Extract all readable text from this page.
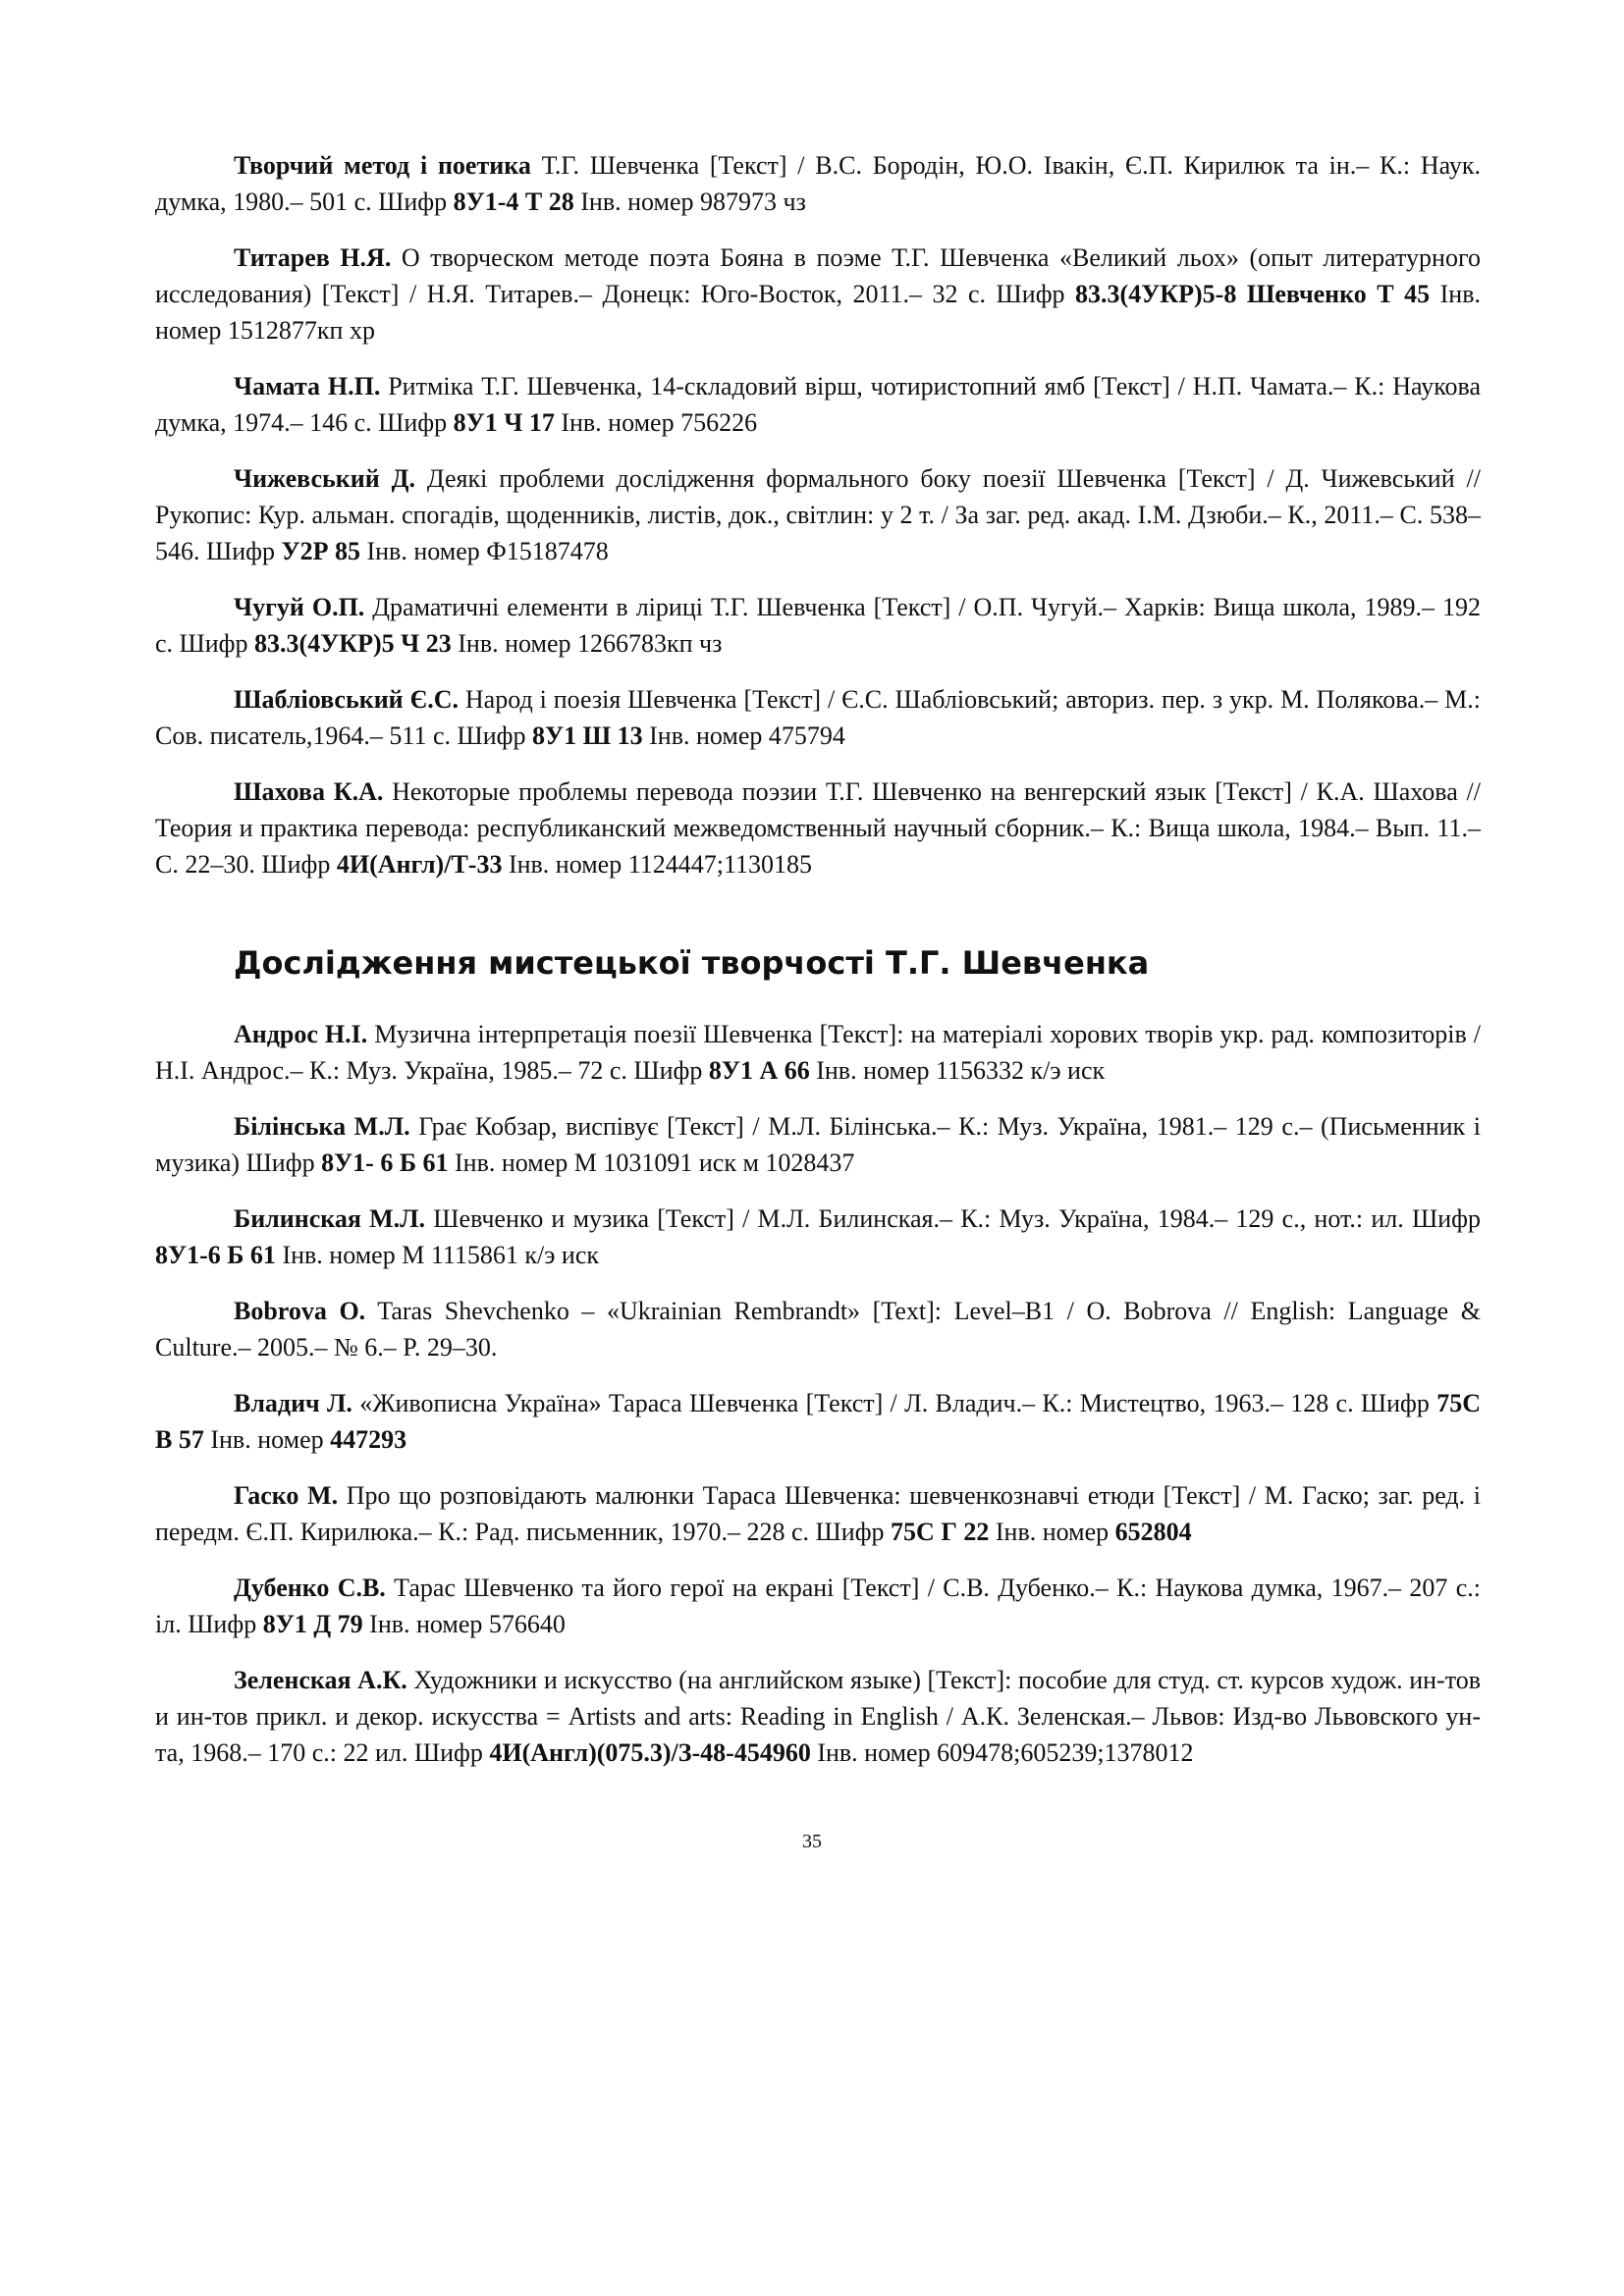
Творчий метод і поетика Т.Г. Шевченка [Текст] / В.С. Бородін, Ю.О. Івакін, Є.П. Кирилюк та ін.– К.: Наук. думка, 1980.– 501 с. Шифр 8У1-4 Т 28 Інв. номер 987973 чз

Титарев Н.Я. О творческом методе поэта Бояна в поэме Т.Г. Шевченка «Великий льох» (опыт литературного исследования) [Текст] / Н.Я. Титарев.– Донецк: Юго-Восток, 2011.– 32 с. Шифр 83.3(4УКР)5-8 Шевченко Т 45 Інв. номер 1512877кп хр

Чамата Н.П. Ритміка Т.Г. Шевченка, 14-складовий вірш, чотиристопний ямб [Текст] / Н.П. Чамата.– К.: Наукова думка, 1974.– 146 с. Шифр 8У1 Ч 17 Інв. номер 756226

Чижевський Д. Деякі проблеми дослідження формального боку поезії Шевченка [Текст] / Д. Чижевський // Рукопис: Кур. альман. спогадів, щоденників, листів, док., світлин: у 2 т. / За заг. ред. акад. І.М. Дзюби.– К., 2011.– С. 538–546. Шифр У2Р 85 Інв. номер Ф15187478

Чугуй О.П. Драматичні елементи в ліриці Т.Г. Шевченка [Текст] / О.П. Чугуй.– Харків: Вища школа, 1989.– 192 с. Шифр 83.3(4УКР)5 Ч 23 Інв. номер 1266783кп чз

Шабліовський Є.С. Народ і поезія Шевченка [Текст] / Є.С. Шабліовський; авториз. пер. з укр. М. Полякова.– М.: Сов. писатель,1964.– 511 с. Шифр 8У1 Ш 13 Інв. номер 475794

Шахова К.А. Некоторые проблемы перевода поэзии Т.Г. Шевченко на венгерский язык [Текст] / К.А. Шахова // Теория и практика перевода: республиканский межведомственный научный сборник.– К.: Вища школа, 1984.– Вып. 11.– С. 22–30. Шифр 4И(Англ)/Т-33 Інв. номер 1124447;1130185

Дослідження мистецької творчості Т.Г. Шевченка

Андрос Н.І. Музична інтерпретація поезії Шевченка [Текст]: на матеріалі хорових творів укр. рад. композиторів / Н.І. Андрос.– К.: Муз. Україна, 1985.– 72 с. Шифр 8У1 А 66 Інв. номер 1156332 к/э иск

Білінська М.Л. Грає Кобзар, виспівує [Текст] / М.Л. Білінська.– К.: Муз. Україна, 1981.– 129 с.– (Письменник і музика) Шифр 8У1- 6 Б 61 Інв. номер М 1031091 иск м 1028437

Билинская М.Л. Шевченко и музика [Текст] / М.Л. Билинская.– К.: Муз. Україна, 1984.– 129 с., нот.: ил. Шифр 8У1-6 Б 61 Інв. номер М 1115861 к/э иск

Bobrova O. Taras Shevchenko – «Ukrainian Rembrandt» [Text]: Level–B1 / O. Bobrova // English: Language & Culture.– 2005.– № 6.– P. 29–30.

Владич Л. «Живописна Україна» Тараса Шевченка [Текст] / Л. Владич.– К.: Мистецтво, 1963.– 128 с. Шифр 75С В 57 Інв. номер 447293

Гаско М. Про що розповідають малюнки Тараса Шевченка: шевченкознавчі етюди [Текст] / М. Гаско; заг. ред. і передм. Є.П. Кирилюка.– К.: Рад. письменник, 1970.– 228 с. Шифр 75С Г 22 Інв. номер 652804

Дубенко С.В. Тарас Шевченко та його герої на екрані [Текст] / С.В. Дубенко.– К.: Наукова думка, 1967.– 207 с.: іл. Шифр 8У1 Д 79 Інв. номер 576640

Зеленская А.К. Художники и искусство (на английском языке) [Текст]: пособие для студ. ст. курсов худож. ин-тов и ин-тов прикл. и декор. искусства = Artists and arts: Reading in English / А.К. Зеленская.– Львов: Изд-во Львовского ун-та, 1968.– 170 с.: 22 ил. Шифр 4И(Англ)(075.3)/З-48-454960 Інв. номер 609478;605239;1378012

35
